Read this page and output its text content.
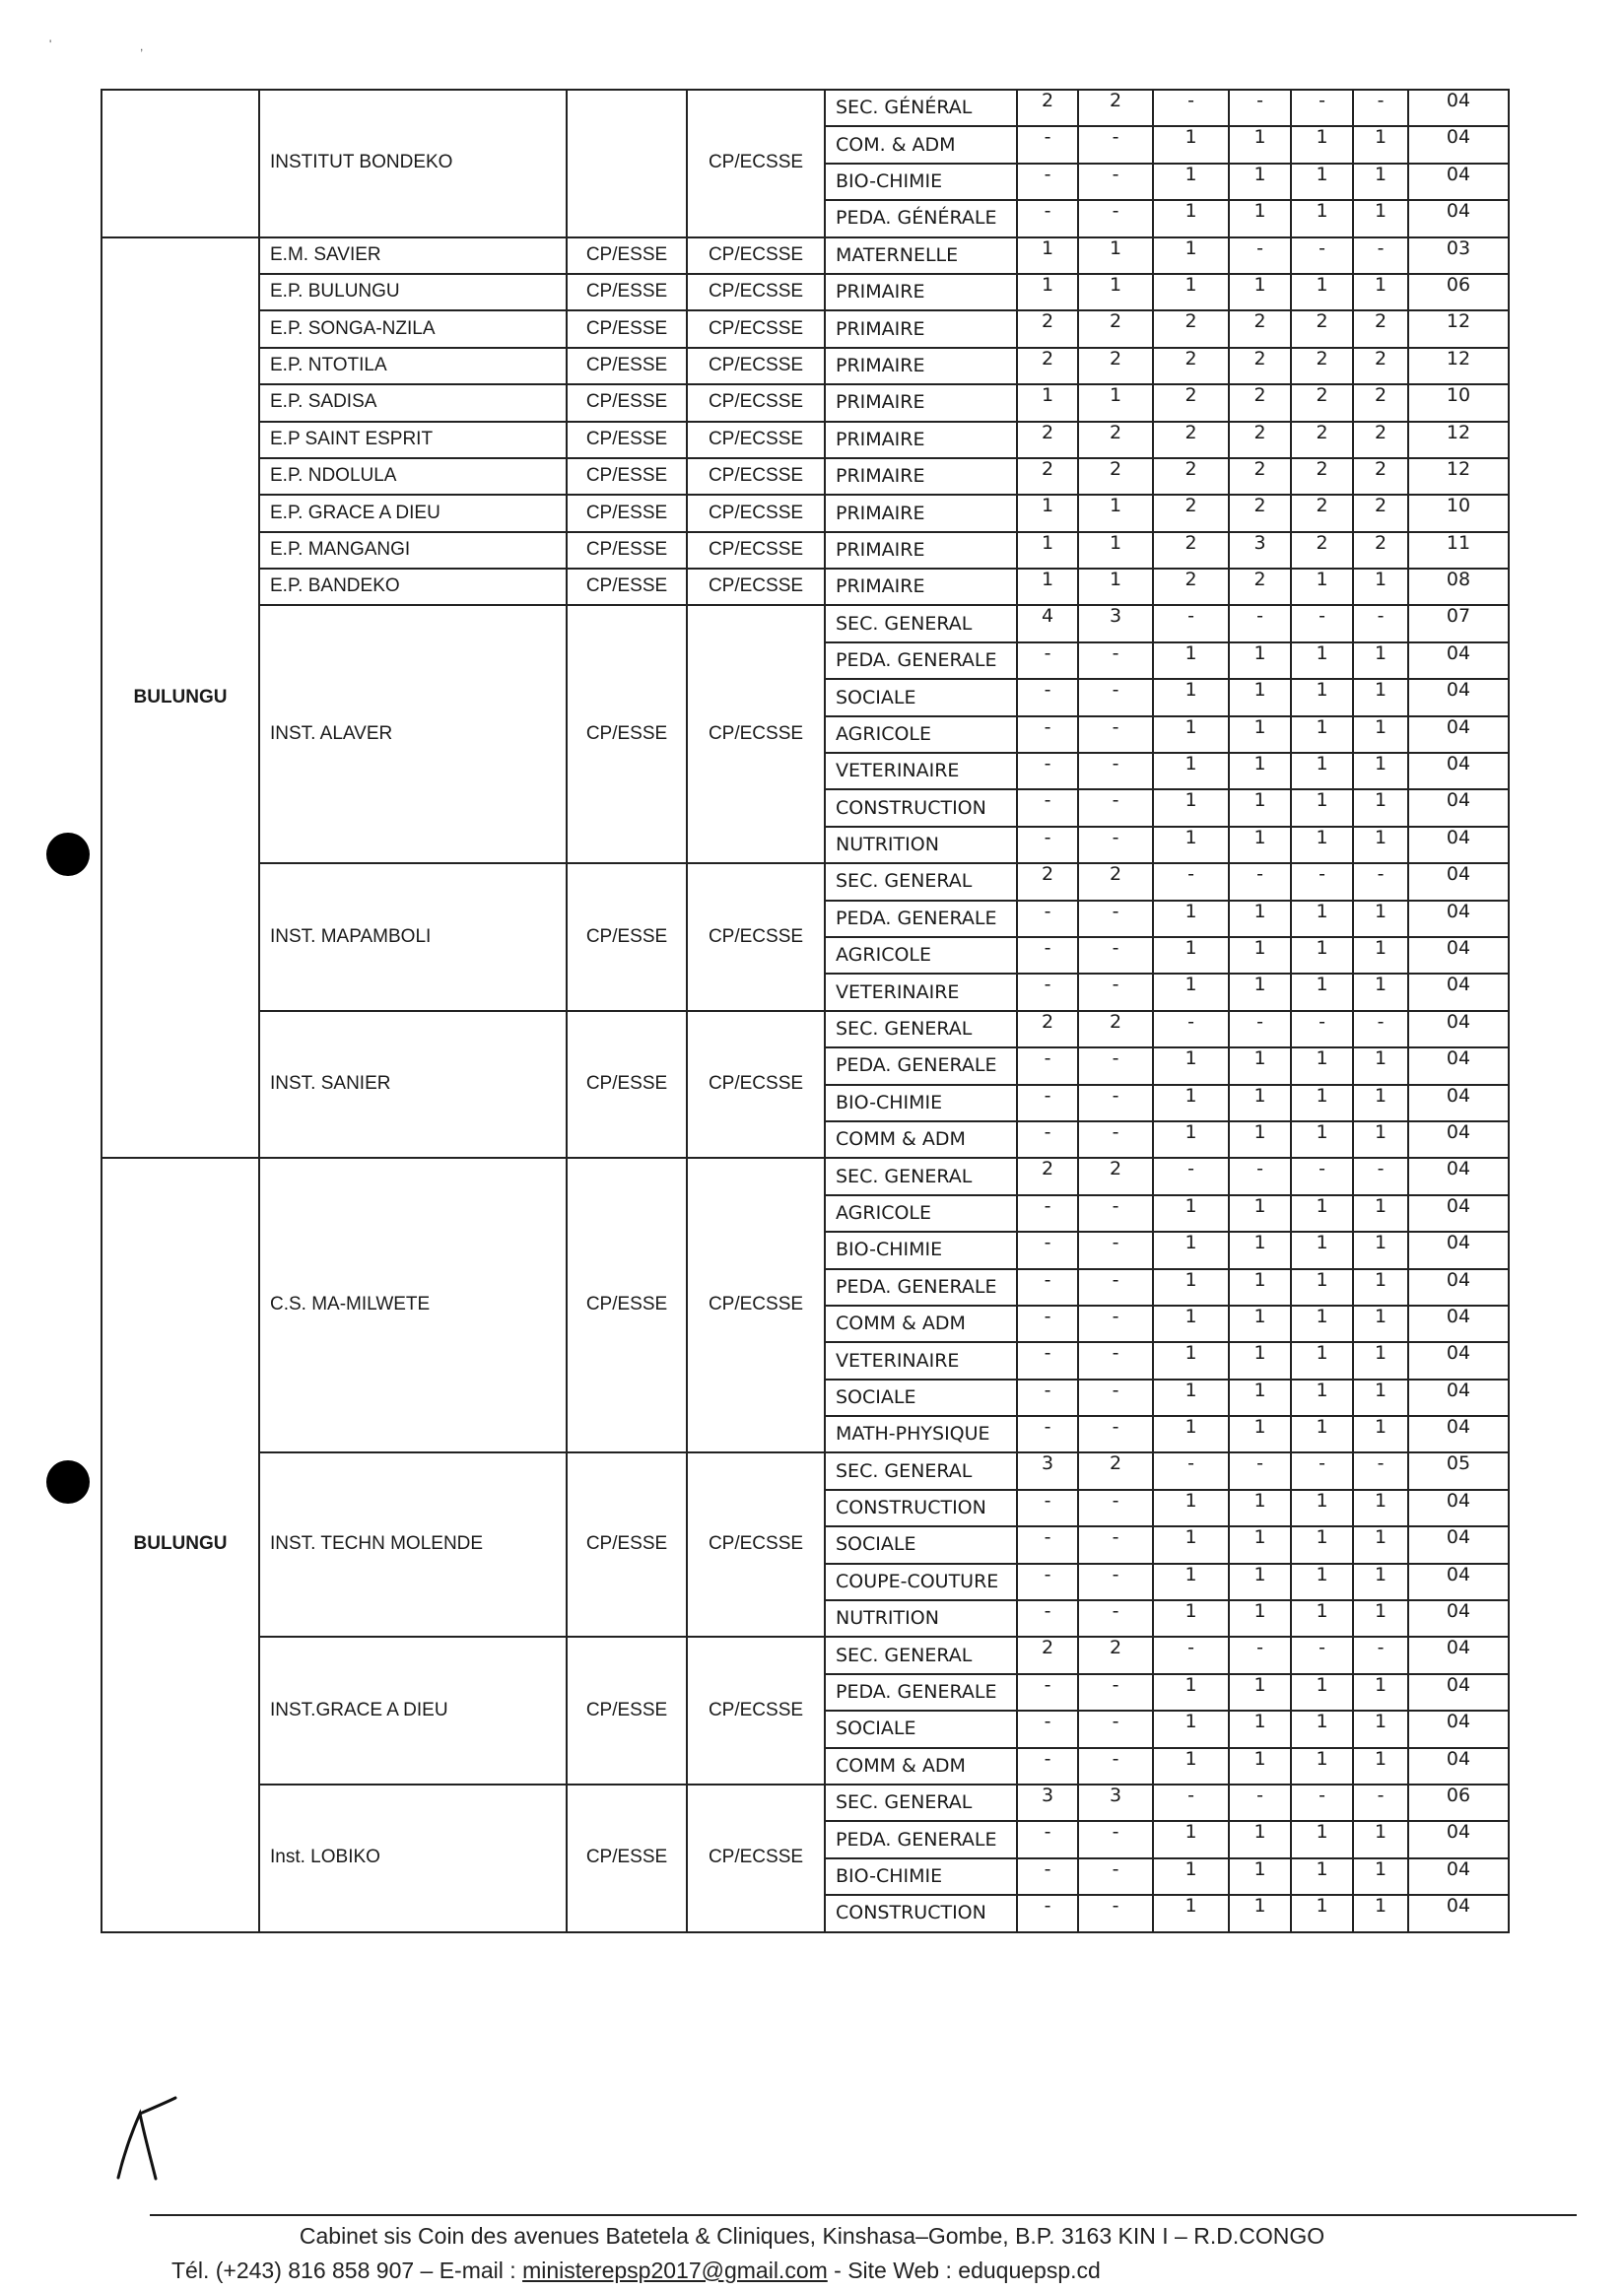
'	,
	INSTITUT BONDEKO		CP/ECSSE	SEC. GÉNÉRAL	2	2	-	-	-	-	04
				COM. & ADM	-	-	1	1	1	1	04
				BIO-CHIMIE	-	-	1	1	1	1	04
				PEDA. GÉNÉRALE	-	-	1	1	1	1	04
BULUNGU	E.M. SAVIER	CP/ESSE	CP/ECSSE	MATERNELLE	1	1	1	-	-	-	03
	E.P. BULUNGU	CP/ESSE	CP/ECSSE	PRIMAIRE	1	1	1	1	1	1	06
	E.P. SONGA-NZILA	CP/ESSE	CP/ECSSE	PRIMAIRE	2	2	2	2	2	2	12
	E.P. NTOTILA	CP/ESSE	CP/ECSSE	PRIMAIRE	2	2	2	2	2	2	12
	E.P. SADISA	CP/ESSE	CP/ECSSE	PRIMAIRE	1	1	2	2	2	2	10
	E.P SAINT ESPRIT	CP/ESSE	CP/ECSSE	PRIMAIRE	2	2	2	2	2	2	12
	E.P. NDOLULA	CP/ESSE	CP/ECSSE	PRIMAIRE	2	2	2	2	2	2	12
	E.P. GRACE A DIEU	CP/ESSE	CP/ECSSE	PRIMAIRE	1	1	2	2	2	2	10
	E.P. MANGANGI	CP/ESSE	CP/ECSSE	PRIMAIRE	1	1	2	3	2	2	11
	E.P. BANDEKO	CP/ESSE	CP/ECSSE	PRIMAIRE	1	1	2	2	1	1	08
	INST. ALAVER	CP/ESSE	CP/ECSSE	SEC. GENERAL	4	3	-	-	-	-	07
				PEDA. GENERALE	-	-	1	1	1	1	04
				SOCIALE	-	-	1	1	1	1	04
				AGRICOLE	-	-	1	1	1	1	04
				VETERINAIRE	-	-	1	1	1	1	04
				CONSTRUCTION	-	-	1	1	1	1	04
				NUTRITION	-	-	1	1	1	1	04
	INST. MAPAMBOLI	CP/ESSE	CP/ECSSE	SEC. GENERAL	2	2	-	-	-	-	04
				PEDA. GENERALE	-	-	1	1	1	1	04
				AGRICOLE	-	-	1	1	1	1	04
				VETERINAIRE	-	-	1	1	1	1	04
	INST. SANIER	CP/ESSE	CP/ECSSE	SEC. GENERAL	2	2	-	-	-	-	04
				PEDA. GENERALE	-	-	1	1	1	1	04
				BIO-CHIMIE	-	-	1	1	1	1	04
				COMM & ADM	-	-	1	1	1	1	04
BULUNGU	C.S. MA-MILWETE	CP/ESSE	CP/ECSSE	SEC. GENERAL	2	2	-	-	-	-	04
				AGRICOLE	-	-	1	1	1	1	04
				BIO-CHIMIE	-	-	1	1	1	1	04
				PEDA. GENERALE	-	-	1	1	1	1	04
				COMM & ADM	-	-	1	1	1	1	04
				VETERINAIRE	-	-	1	1	1	1	04
				SOCIALE	-	-	1	1	1	1	04
				MATH-PHYSIQUE	-	-	1	1	1	1	04
	INST. TECHN MOLENDE	CP/ESSE	CP/ECSSE	SEC. GENERAL	3	2	-	-	-	-	05
				CONSTRUCTION	-	-	1	1	1	1	04
				SOCIALE	-	-	1	1	1	1	04
				COUPE-COUTURE	-	-	1	1	1	1	04
				NUTRITION	-	-	1	1	1	1	04
	INST.GRACE A DIEU	CP/ESSE	CP/ECSSE	SEC. GENERAL	2	2	-	-	-	-	04
				PEDA. GENERALE	-	-	1	1	1	1	04
				SOCIALE	-	-	1	1	1	1	04
				COMM & ADM	-	-	1	1	1	1	04
	Inst. LOBIKO	CP/ESSE	CP/ECSSE	SEC. GENERAL	3	3	-	-	-	-	06
				PEDA. GENERALE	-	-	1	1	1	1	04
				BIO-CHIMIE	-	-	1	1	1	1	04
				CONSTRUCTION	-	-	1	1	1	1	04
Cabinet sis Coin des avenues Batetela & Cliniques, Kinshasa–Gombe, B.P. 3163 KIN I – R.D.CONGO
Tél. (+243) 816 858 907 – E-mail : ministerepsp2017@gmail.com - Site Web : eduquepsp.cd
